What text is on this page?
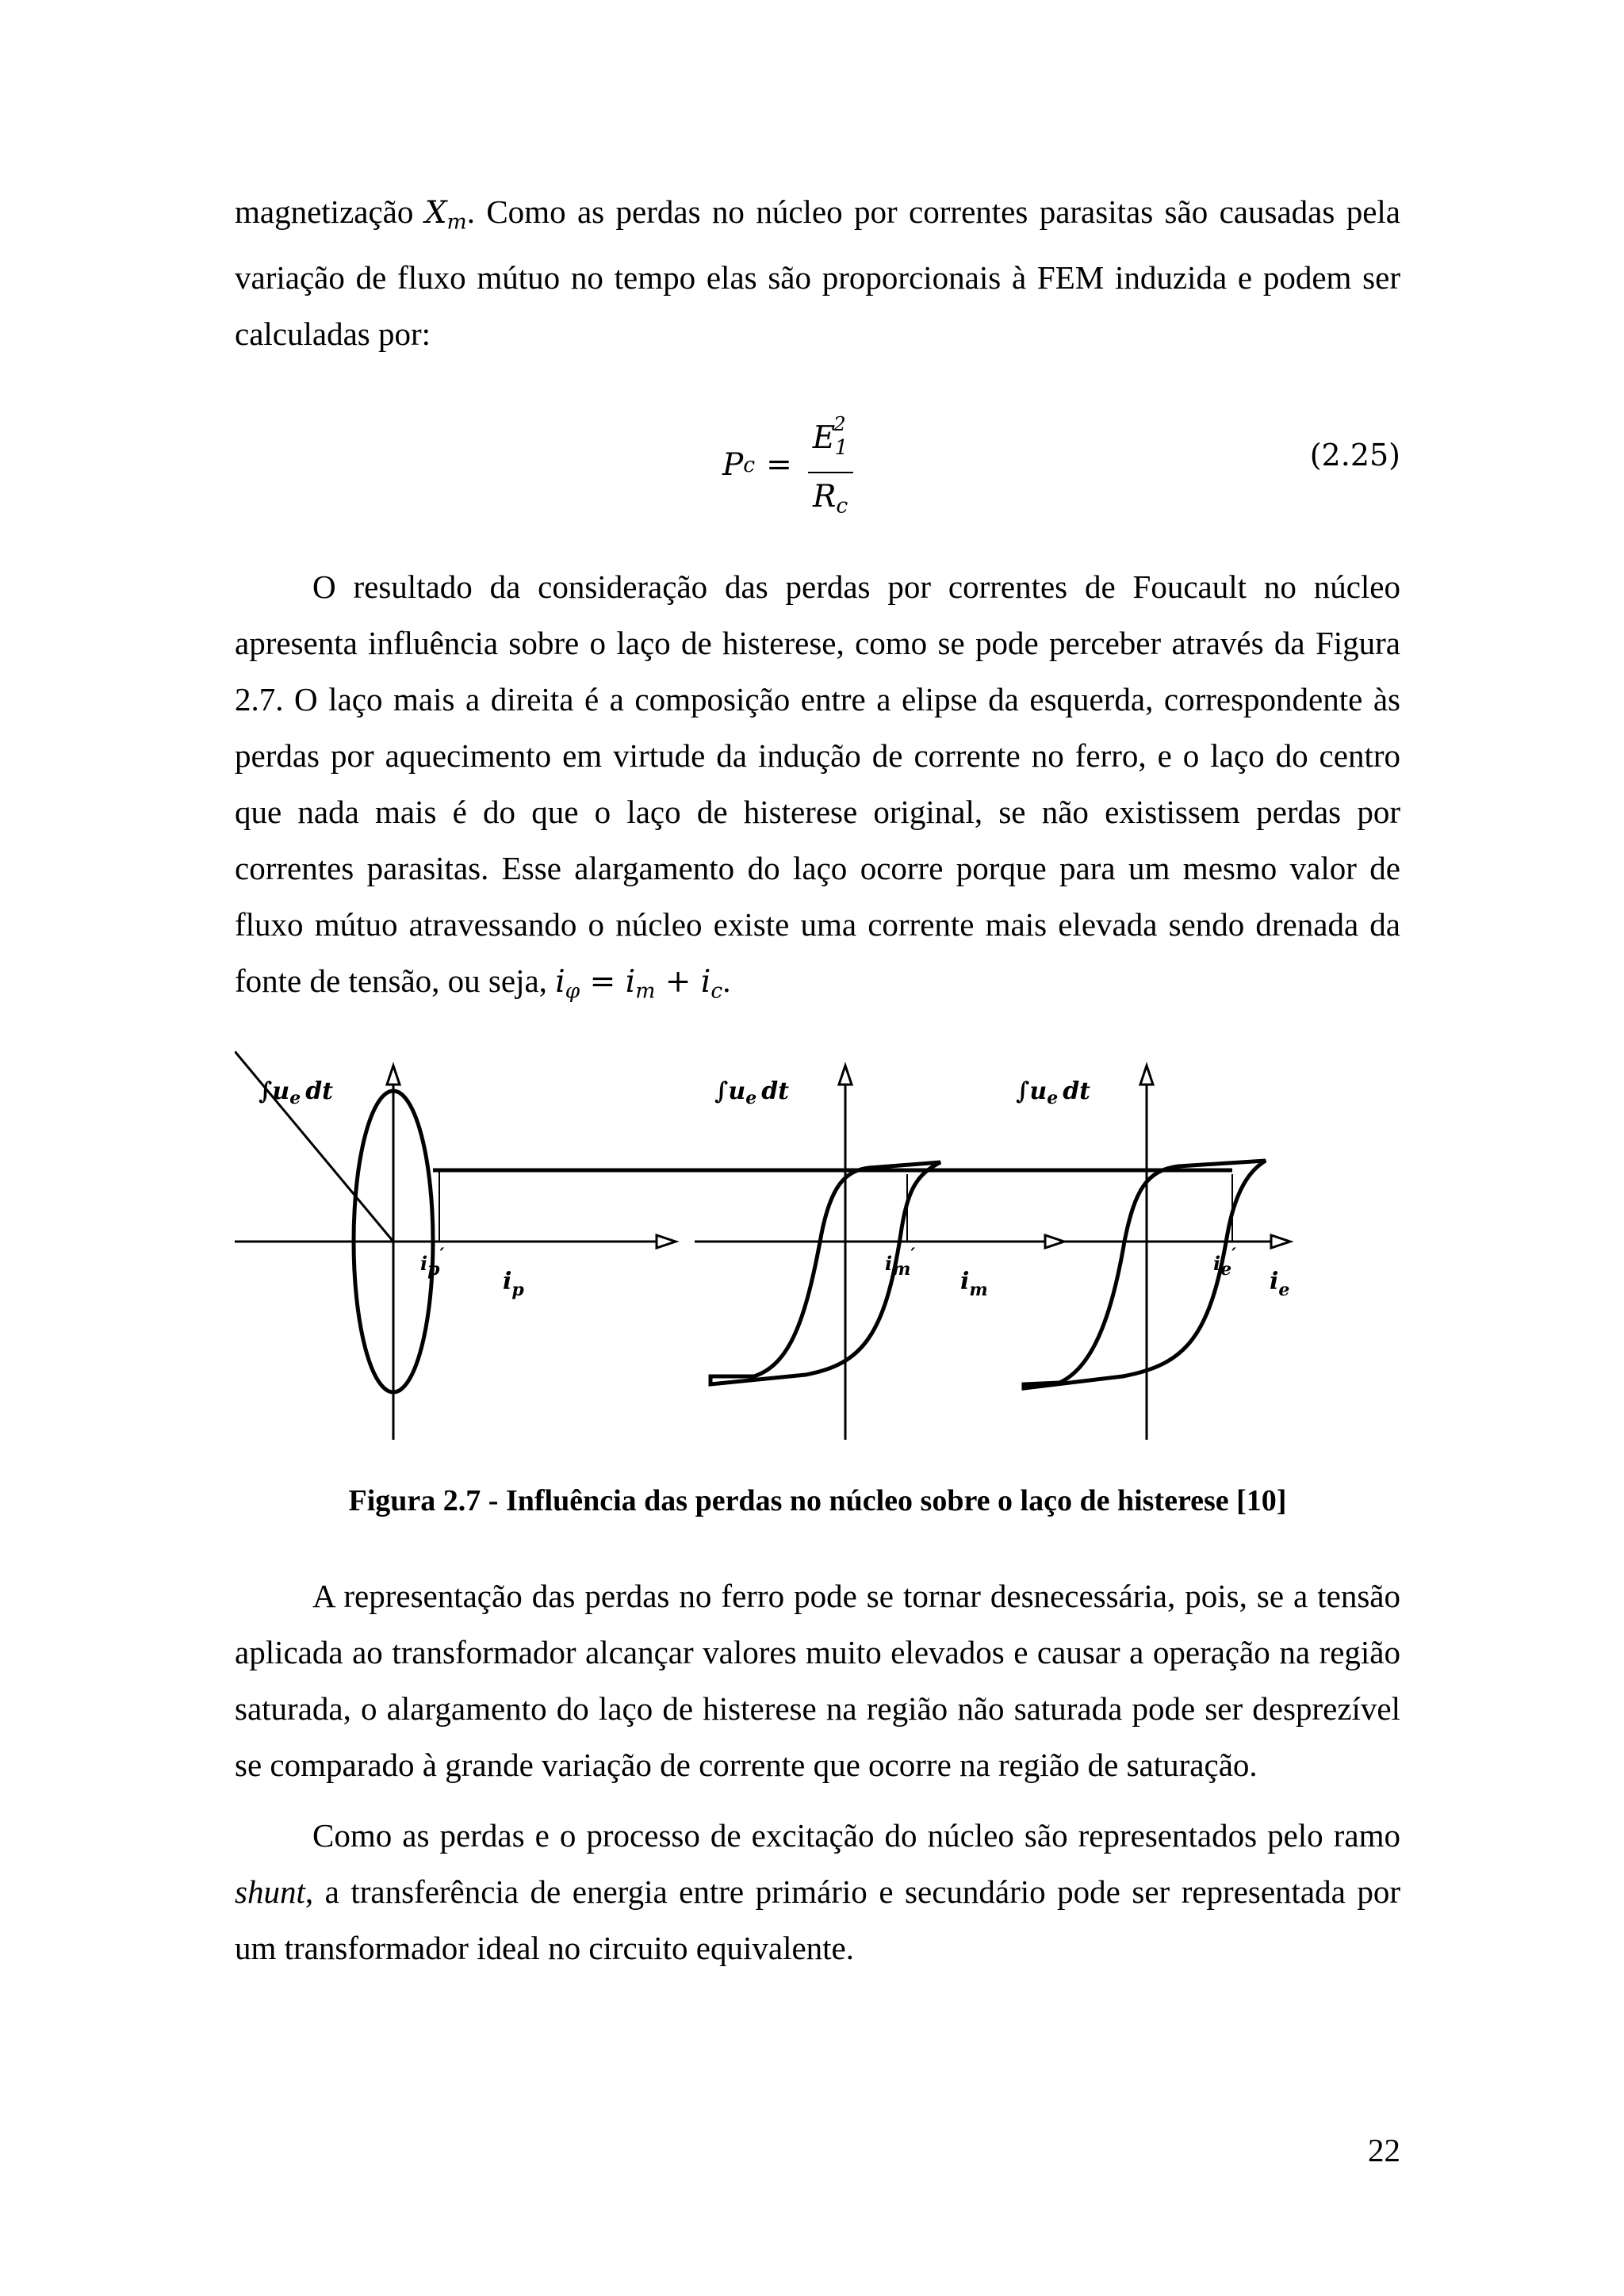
magnetização $X_m$. Como as perdas no núcleo por correntes parasitas são causadas pela variação de fluxo mútuo no tempo elas são proporcionais à FEM induzida e podem ser calculadas por:

P $c = \frac{E^2_1}{R_c}$	(2.25)

O resultado da consideração das perdas por correntes de Foucault no núcleo apresenta influência sobre o laço de histerese, como se pode perceber através da Figura 2.7. O laço mais a direita é a composição entre a elipse da esquerda, correspondente às perdas por aquecimento em virtude da indução de corrente no ferro, e o laço do centro que nada mais é do que o laço de histerese original, se não existissem perdas por correntes parasitas. Esse alargamento do laço ocorre porque para um mesmo valor de fluxo mútuo atravessando o núcleo existe uma corrente mais elevada sendo drenada da fonte de tensão, ou seja, $i_\varphi = i_m + i_c$.

$\int u_e$ dt
$i_p$
ip′
$\int u_e$ dt
$i_m$
im′
$\int u_e$ dt
$i_e$
ie′
Figura 2.7 - Influência das perdas no núcleo sobre o laço de histerese [10]

A representação das perdas no ferro pode se tornar desnecessária, pois, se a tensão aplicada ao transformador alcançar valores muito elevados e causar a operação na região saturada, o alargamento do laço de histerese na região não saturada pode ser desprezível se comparado à grande variação de corrente que ocorre na região de saturação.

Como as perdas e o processo de excitação do núcleo são representados pelo ramo shunt, a transferência de energia entre primário e secundário pode ser representada por um transformador ideal no circuito equivalente.

22
